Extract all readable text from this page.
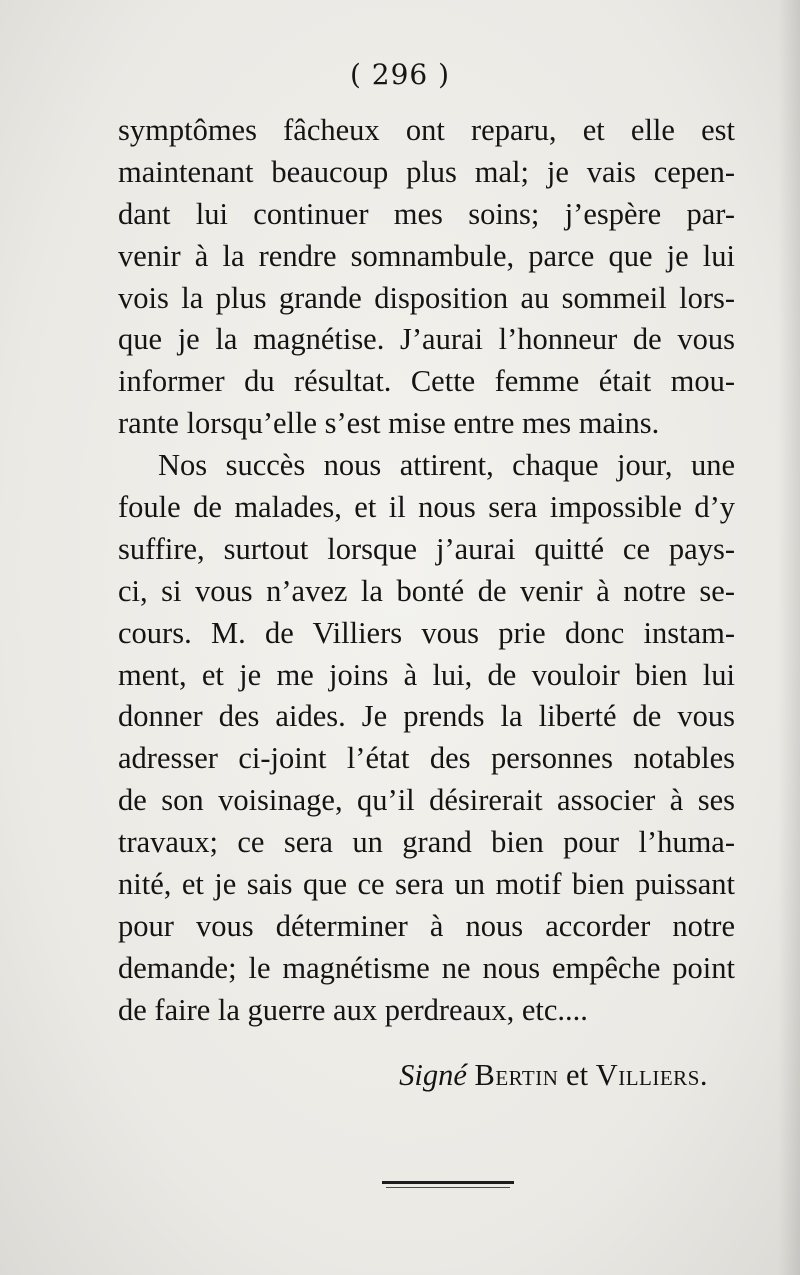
( 296 )
symptômes fâcheux ont reparu, et elle est
maintenant beaucoup plus mal; je vais cepen-
dant lui continuer mes soins; j’espère par-
venir à la rendre somnambule, parce que je lui
vois la plus grande disposition au sommeil lors-
que je la magnétise. J’aurai l’honneur de vous
informer du résultat. Cette femme était mou-
rante lorsqu’elle s’est mise entre mes mains.
Nos succès nous attirent, chaque jour, une
foule de malades, et il nous sera impossible d’y
suffire, surtout lorsque j’aurai quitté ce pays-
ci, si vous n’avez la bonté de venir à notre se-
cours. M. de Villiers vous prie donc instam-
ment, et je me joins à lui, de vouloir bien lui
donner des aides. Je prends la liberté de vous
adresser ci-joint l’état des personnes notables
de son voisinage, qu’il désirerait associer à ses
travaux; ce sera un grand bien pour l’huma-
nité, et je sais que ce sera un motif bien puissant
pour vous déterminer à nous accorder notre
demande; le magnétisme ne nous empêche point
de faire la guerre aux perdreaux, etc....
Signé Bertin et Villiers.
